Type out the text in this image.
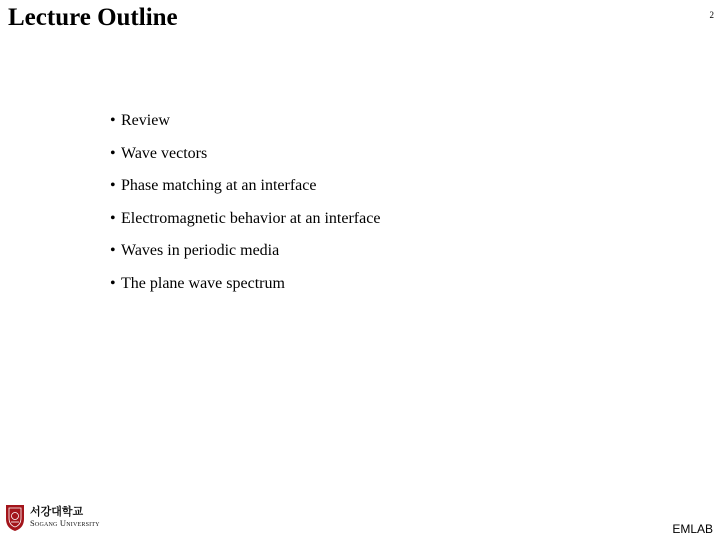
Lecture Outline	2
• Review
• Wave vectors
• Phase matching at an interface
• Electromagnetic behavior at an interface
• Waves in periodic media
• The plane wave spectrum
서강대학교
Sogang University	EMLAB
